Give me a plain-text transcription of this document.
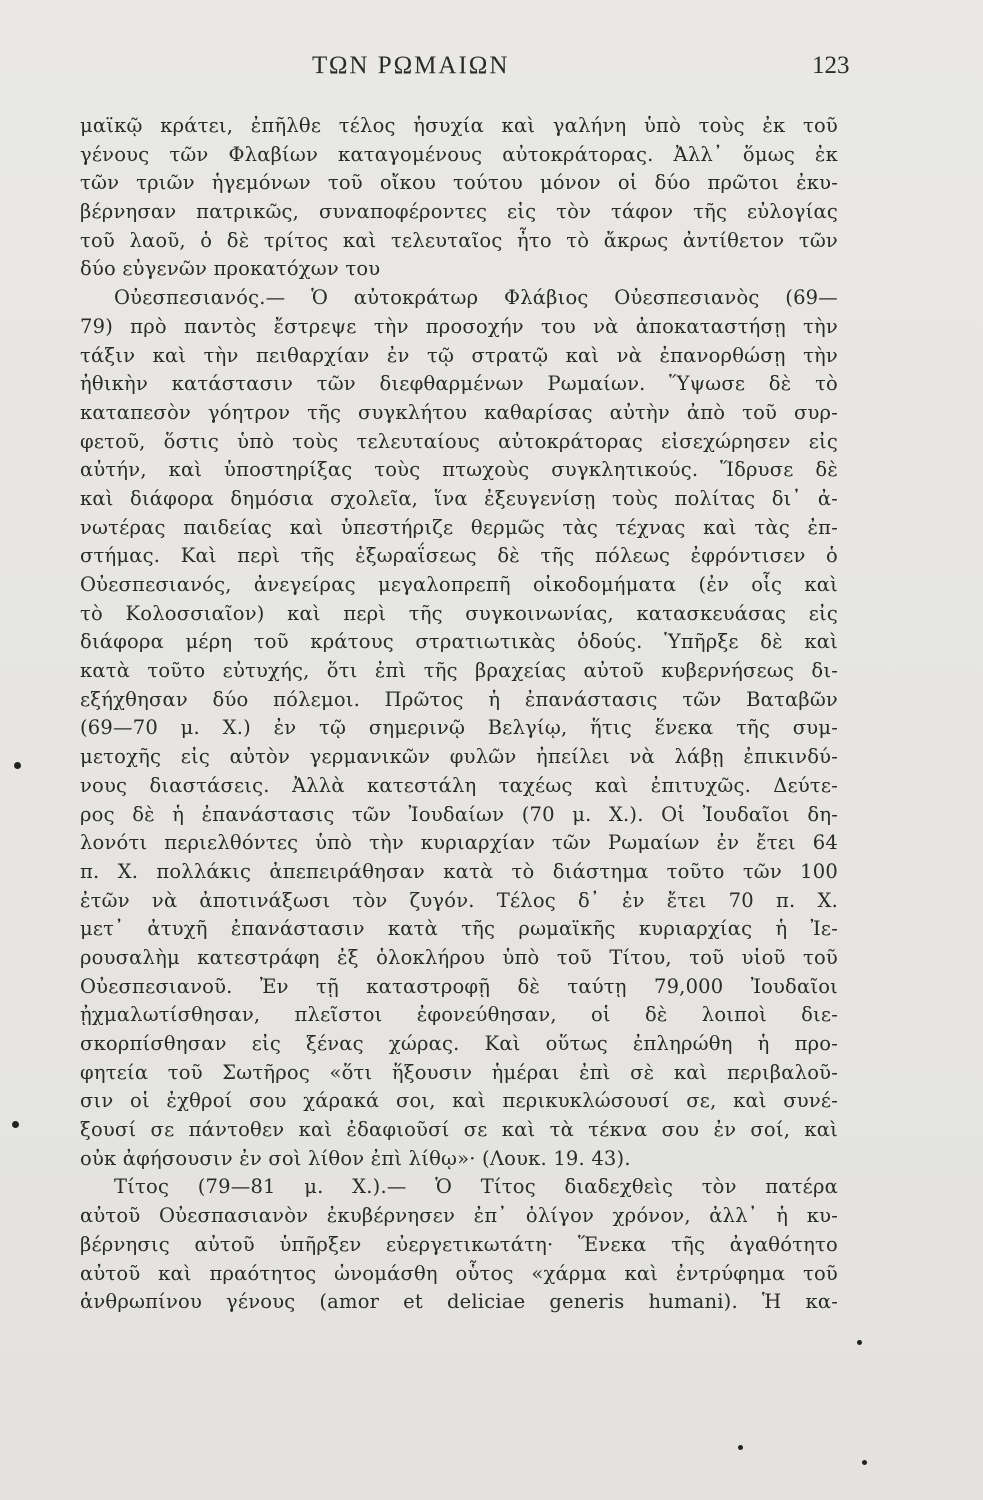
ΤΩΝ ΡΩΜΑΙΩΝ	123
μαϊκῷ κράτει, ἐπῆλθε τέλος ἡσυχία καὶ γαλήνη ὑπὸ τοὺς ἐκ τοῦ
γένους τῶν Φλαβίων καταγομένους αὐτοκράτορας. Ἀλλ᾽ ὅμως ἐκ
τῶν τριῶν ἡγεμόνων τοῦ οἴκου τούτου μόνον οἱ δύο πρῶτοι ἐκυ-
βέρνησαν πατρικῶς, συναποφέροντες εἰς τὸν τάφον τῆς εὐλογίας
τοῦ λαοῦ, ὁ δὲ τρίτος καὶ τελευταῖος ἦτο τὸ ἄκρως ἀντίθετον τῶν
δύο εὐγενῶν προκατόχων του
Οὐεσπεσιανός.— Ὁ αὐτοκράτωρ Φλάβιος Οὐεσπεσιανὸς (69—
79) πρὸ παντὸς ἔστρεψε τὴν προσοχήν του νὰ ἀποκαταστήσῃ τὴν
τάξιν καὶ τὴν πειθαρχίαν ἐν τῷ στρατῷ καὶ νὰ ἐπανορθώσῃ τὴν
ἠθικὴν κατάστασιν τῶν διεφθαρμένων Ρωμαίων. Ὕψωσε δὲ τὸ
καταπεσὸν γόητρον τῆς συγκλήτου καθαρίσας αὐτὴν ἀπὸ τοῦ συρ-
φετοῦ, ὅστις ὑπὸ τοὺς τελευταίους αὐτοκράτορας εἰσεχώρησεν εἰς
αὐτήν, καὶ ὑποστηρίξας τοὺς πτωχοὺς συγκλητικούς. Ἵδρυσε δὲ
καὶ διάφορα δημόσια σχολεῖα, ἵνα ἐξευγενίσῃ τοὺς πολίτας δι᾽ ἀ-
νωτέρας παιδείας καὶ ὑπεστήριζε θερμῶς τὰς τέχνας καὶ τὰς ἐπ-
στήμας. Καὶ περὶ τῆς ἐξωραΐσεως δὲ τῆς πόλεως ἐφρόντισεν ὁ
Οὐεσπεσιανός, ἀνεγείρας μεγαλοπρεπῆ οἰκοδομήματα (ἐν οἷς καὶ
τὸ Κολοσσιαῖον) καὶ περὶ τῆς συγκοινωνίας, κατασκευάσας εἰς
διάφορα μέρη τοῦ κράτους στρατιωτικὰς ὁδούς. Ὑπῆρξε δὲ καὶ
κατὰ τοῦτο εὐτυχής, ὅτι ἐπὶ τῆς βραχείας αὐτοῦ κυβερνήσεως δι-
εξήχθησαν δύο πόλεμοι. Πρῶτος ἡ ἐπανάστασις τῶν Βαταβῶν
(69—70 μ. Χ.) ἐν τῷ σημερινῷ Βελγίῳ, ἥτις ἕνεκα τῆς συμ-
μετοχῆς εἰς αὐτὸν γερμανικῶν φυλῶν ἠπείλει νὰ λάβῃ ἐπικινδύ-
νους διαστάσεις. Ἀλλὰ κατεστάλη ταχέως καὶ ἐπιτυχῶς. Δεύτε-
ρος δὲ ἡ ἐπανάστασις τῶν Ἰουδαίων (70 μ. Χ.). Οἱ Ἰουδαῖοι δη-
λονότι περιελθόντες ὑπὸ τὴν κυριαρχίαν τῶν Ρωμαίων ἐν ἔτει 64
π. Χ. πολλάκις ἀπεπειράθησαν κατὰ τὸ διάστημα τοῦτο τῶν 100
ἐτῶν νὰ ἀποτινάξωσι τὸν ζυγόν. Τέλος δ᾽ ἐν ἔτει 70 π. Χ.
μετ᾽ ἀτυχῆ ἐπανάστασιν κατὰ τῆς ρωμαϊκῆς κυριαρχίας ἡ Ἰε-
ρουσαλὴμ κατεστράφη ἐξ ὁλοκλήρου ὑπὸ τοῦ Τίτου, τοῦ υἱοῦ τοῦ
Οὐεσπεσιανοῦ. Ἐν τῇ καταστροφῇ δὲ ταύτῃ 79,000 Ἰουδαῖοι
ᾐχμαλωτίσθησαν, πλεῖστοι ἐφονεύθησαν, οἱ δὲ λοιποὶ διε-
σκορπίσθησαν εἰς ξένας χώρας. Καὶ οὕτως ἐπληρώθη ἡ προ-
φητεία τοῦ Σωτῆρος «ὅτι ἥξουσιν ἡμέραι ἐπὶ σὲ καὶ περιβαλοῦ-
σιν οἱ ἐχθροί σου χάρακά σοι, καὶ περικυκλώσουσί σε, καὶ συνέ-
ξουσί σε πάντοθεν καὶ ἐδαφιοῦσί σε καὶ τὰ τέκνα σου ἐν σοί, καὶ
οὐκ ἀφήσουσιν ἐν σοὶ λίθον ἐπὶ λίθῳ»· (Λουκ. 19. 43).
Τίτος (79—81 μ. Χ.).— Ὁ Τίτος διαδεχθεὶς τὸν πατέρα
αὐτοῦ Οὐεσπασιανὸν ἐκυβέρνησεν ἐπ᾽ ὀλίγον χρόνον, ἀλλ᾽ ἡ κυ-
βέρνησις αὐτοῦ ὑπῆρξεν εὐεργετικωτάτη· Ἕνεκα τῆς ἀγαθότητο
αὐτοῦ καὶ πραότητος ὠνομάσθη οὗτος «χάρμα καὶ ἐντρύφημα τοῦ
ἀνθρωπίνου γένους (amor et deliciae generis humani). Ἡ κα-
